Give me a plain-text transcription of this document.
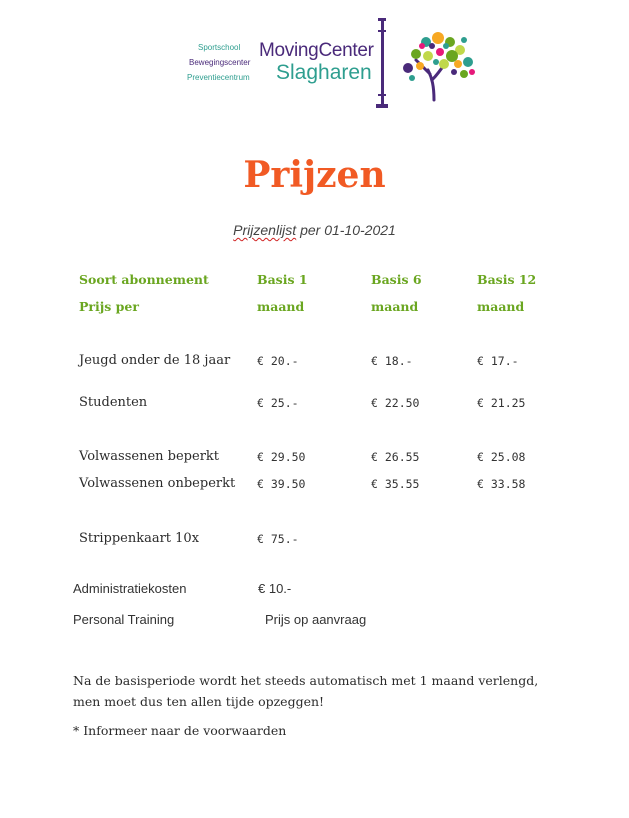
Sportschool
Bewegingscenter
Preventiecentrum
MovingCenter
Slagharen
Prijzen
Prijzenlijst per 01-10-2021
Soort abonnement	Basis 1	Basis 6	Basis 12
Prijs per	maand	maand	maand
Jeugd onder de 18 jaar € 20.-	€ 18.-	€ 17.-
Studenten	€ 25.-	€ 22.50	€ 21.25
Volwassenen beperkt	€ 29.50	€ 26.55	€ 25.08
Volwassenen onbeperkt € 39.50	€ 35.55	€ 33.58
Strippenkaart 10x	€ 75.-
Administratiekosten	€ 10.-
Personal Training	Prijs op aanvraag
Na de basisperiode wordt het steeds automatisch met 1 maand verlengd, men moet dus ten allen tijde opzeggen!
* Informeer naar de voorwaarden
